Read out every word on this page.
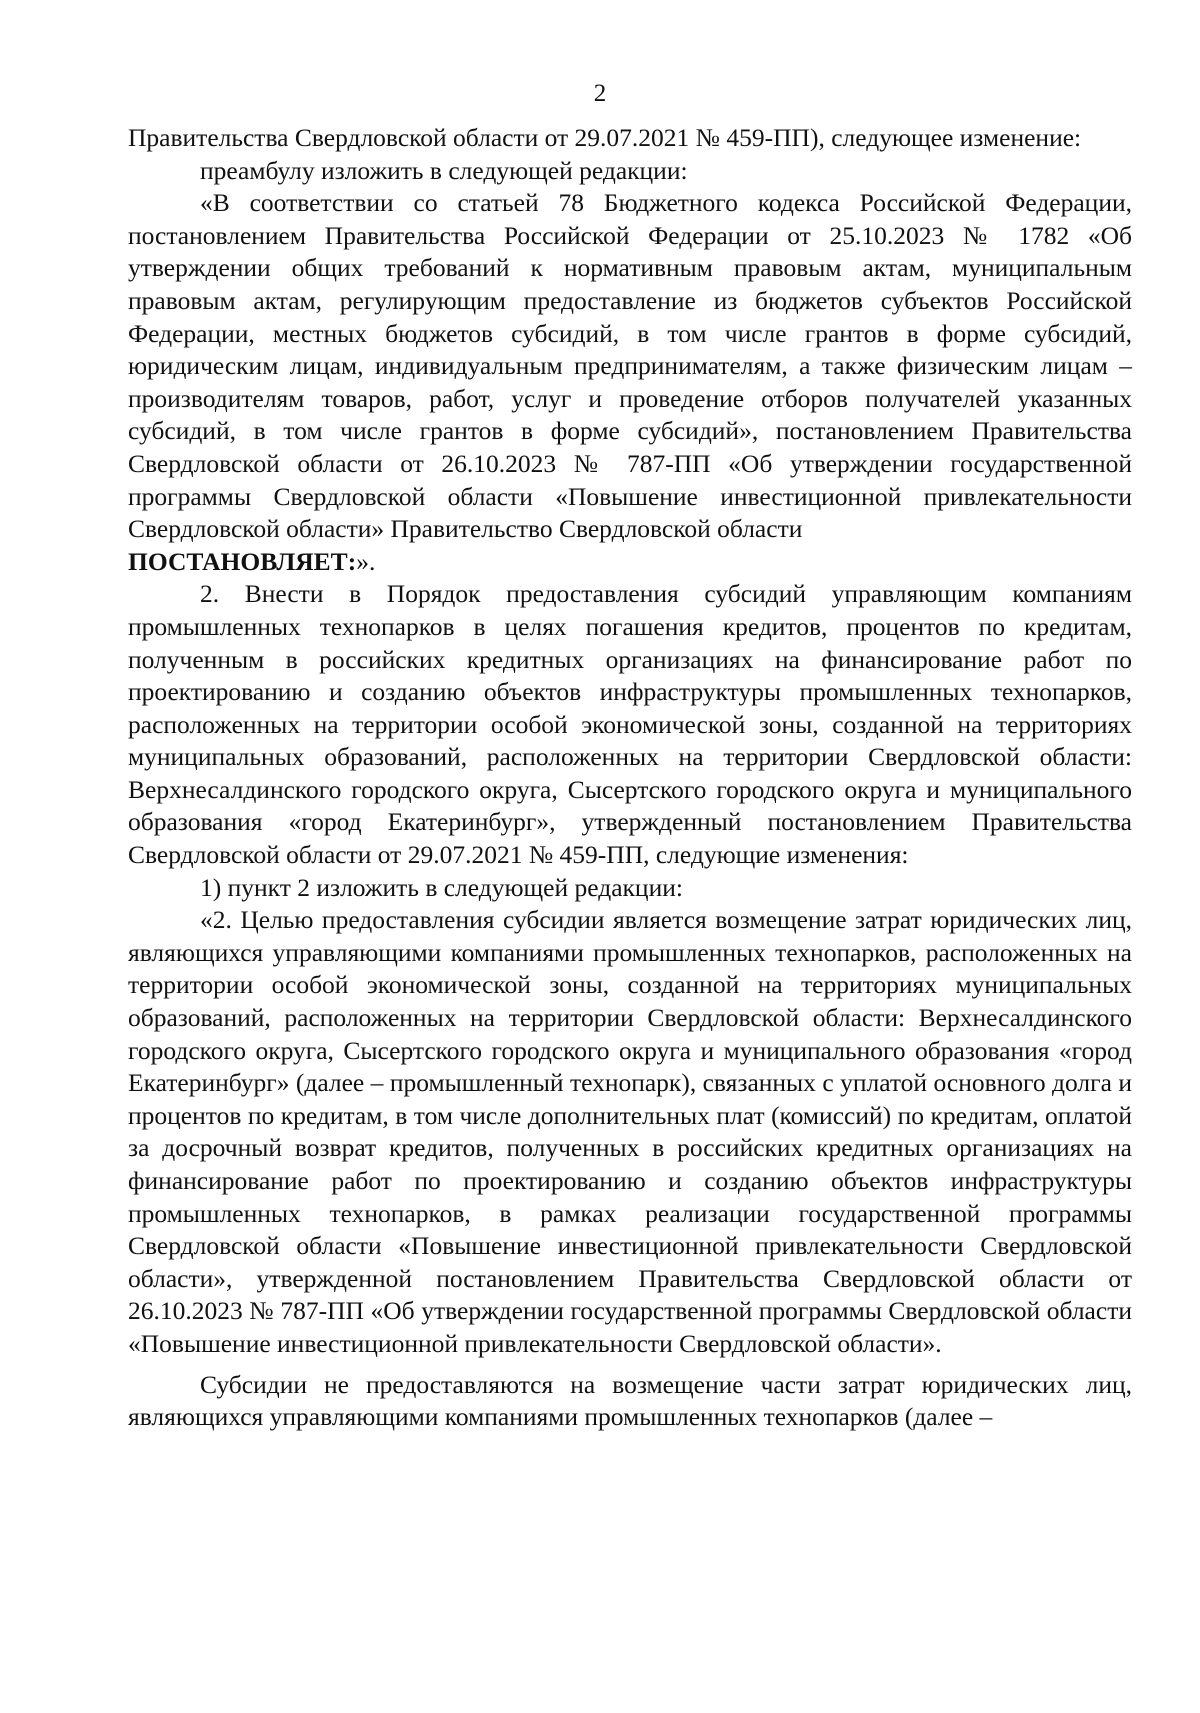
2

Правительства Свердловской области от 29.07.2021 № 459-ПП), следующее изменение:

преамбулу изложить в следующей редакции:

«В соответствии со статьей 78 Бюджетного кодекса Российской Федерации, постановлением Правительства Российской Федерации от 25.10.2023 № 1782 «Об утверждении общих требований к нормативным правовым актам, муниципальным правовым актам, регулирующим предоставление из бюджетов субъектов Российской Федерации, местных бюджетов субсидий, в том числе грантов в форме субсидий, юридическим лицам, индивидуальным предпринимателям, а также физическим лицам – производителям товаров, работ, услуг и проведение отборов получателей указанных субсидий, в том числе грантов в форме субсидий», постановлением Правительства Свердловской области от 26.10.2023 № 787-ПП «Об утверждении государственной программы Свердловской области «Повышение инвестиционной привлекательности Свердловской области» Правительство Свердловской области

ПОСТАНОВЛЯЕТ:».

2. Внести в Порядок предоставления субсидий управляющим компаниям промышленных технопарков в целях погашения кредитов, процентов по кредитам, полученным в российских кредитных организациях на финансирование работ по проектированию и созданию объектов инфраструктуры промышленных технопарков, расположенных на территории особой экономической зоны, созданной на территориях муниципальных образований, расположенных на территории Свердловской области: Верхнесалдинского городского округа, Сысертского городского округа и муниципального образования «город Екатеринбург», утвержденный постановлением Правительства Свердловской области от 29.07.2021 № 459-ПП, следующие изменения:

1) пункт 2 изложить в следующей редакции:

«2. Целью предоставления субсидии является возмещение затрат юридических лиц, являющихся управляющими компаниями промышленных технопарков, расположенных на территории особой экономической зоны, созданной на территориях муниципальных образований, расположенных на территории Свердловской области: Верхнесалдинского городского округа, Сысертского городского округа и муниципального образования «город Екатеринбург» (далее – промышленный технопарк), связанных с уплатой основного долга и процентов по кредитам, в том числе дополнительных плат (комиссий) по кредитам, оплатой за досрочный возврат кредитов, полученных в российских кредитных организациях на финансирование работ по проектированию и созданию объектов инфраструктуры промышленных технопарков, в рамках реализации государственной программы Свердловской области «Повышение инвестиционной привлекательности Свердловской области», утвержденной постановлением Правительства Свердловской области от 26.10.2023 № 787-ПП «Об утверждении государственной программы Свердловской области «Повышение инвестиционной привлекательности Свердловской области».

Субсидии не предоставляются на возмещение части затрат юридических лиц, являющихся управляющими компаниями промышленных технопарков (далее –
